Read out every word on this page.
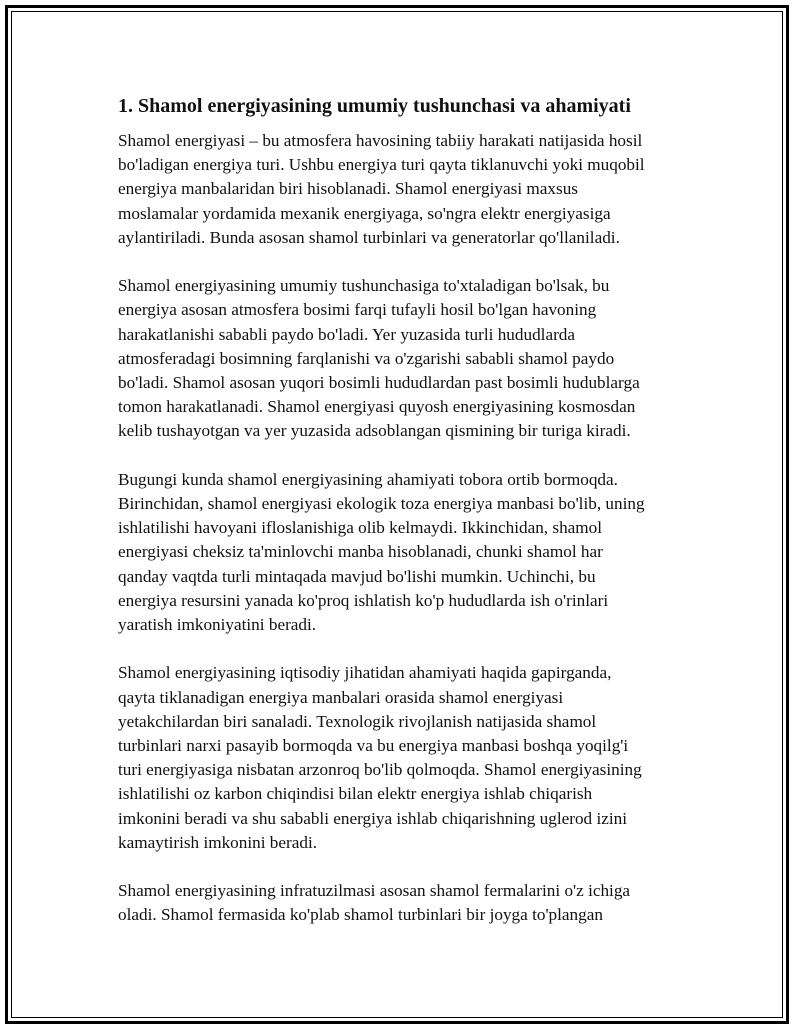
1. Shamol energiyasining umumiy tushunchasi va ahamiyati

Shamol energiyasi – bu atmosfera havosining tabiiy harakati natijasida hosil
bo'ladigan energiya turi. Ushbu energiya turi qayta tiklanuvchi yoki muqobil
energiya manbalaridan biri hisoblanadi. Shamol energiyasi maxsus
moslamalar yordamida mexanik energiyaga, so'ngra elektr energiyasiga
aylantiriladi. Bunda asosan shamol turbinlari va generatorlar qo'llaniladi.

Shamol energiyasining umumiy tushunchasiga to'xtaladigan bo'lsak, bu
energiya asosan atmosfera bosimi farqi tufayli hosil bo'lgan havoning
harakatlanishi sababli paydo bo'ladi. Yer yuzasida turli hududlarda
atmosferadagi bosimning farqlanishi va o'zgarishi sababli shamol paydo
bo'ladi. Shamol asosan yuqori bosimli hududlardan past bosimli hudublarga
tomon harakatlanadi. Shamol energiyasi quyosh energiyasining kosmosdan
kelib tushayotgan va yer yuzasida adsoblangan qismining bir turiga kiradi.

Bugungi kunda shamol energiyasining ahamiyati tobora ortib bormoqda.
Birinchidan, shamol energiyasi ekologik toza energiya manbasi bo'lib, uning
ishlatilishi havoyani ifloslanishiga olib kelmaydi. Ikkinchidan, shamol
energiyasi cheksiz ta'minlovchi manba hisoblanadi, chunki shamol har
qanday vaqtda turli mintaqada mavjud bo'lishi mumkin. Uchinchi, bu
energiya resursini yanada ko'proq ishlatish ko'p hududlarda ish o'rinlari
yaratish imkoniyatini beradi.

Shamol energiyasining iqtisodiy jihatidan ahamiyati haqida gapirganda,
qayta tiklanadigan energiya manbalari orasida shamol energiyasi
yetakchilardan biri sanaladi. Texnologik rivojlanish natijasida shamol
turbinlari narxi pasayib bormoqda va bu energiya manbasi boshqa yoqilg'i
turi energiyasiga nisbatan arzonroq bo'lib qolmoqda. Shamol energiyasining
ishlatilishi oz karbon chiqindisi bilan elektr energiya ishlab chiqarish
imkonini beradi va shu sababli energiya ishlab chiqarishning uglerod izini
kamaytirish imkonini beradi.

Shamol energiyasining infratuzilmasi asosan shamol fermalarini o'z ichiga
oladi. Shamol fermasida ko'plab shamol turbinlari bir joyga to'plangan
